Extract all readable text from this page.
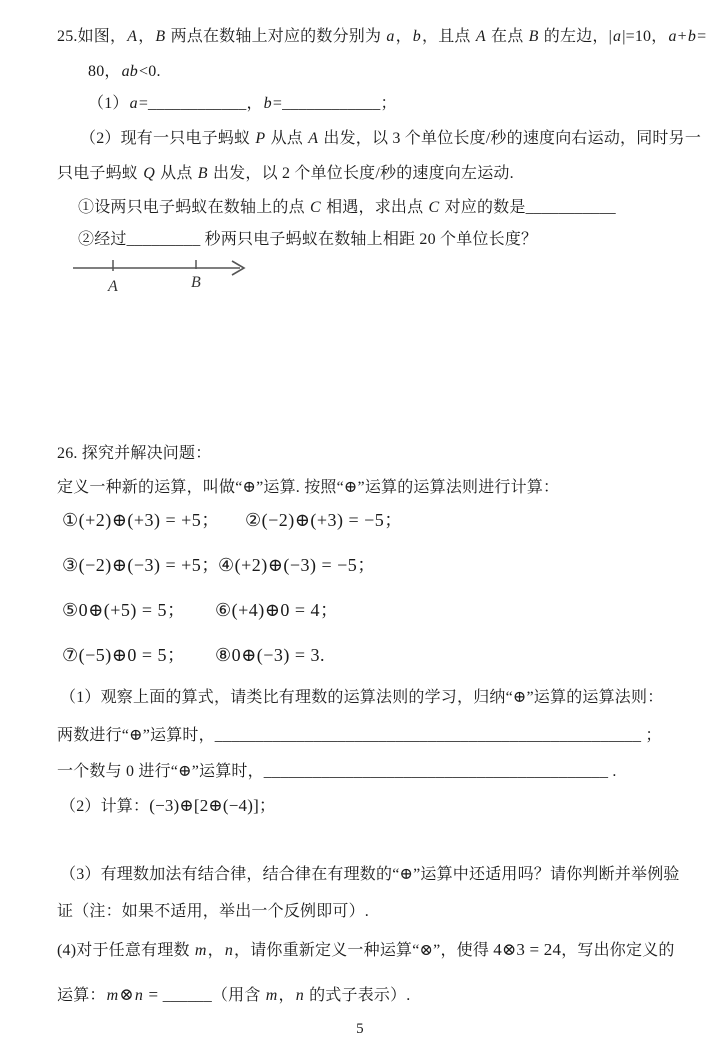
25.如图，A，B 两点在数轴上对应的数分别为 a，b，且点 A 在点 B 的左边，|a|=10，a+b=
80，ab<0.
（1）a=____________，b=____________；
（2）现有一只电子蚂蚁 P 从点 A 出发，以 3 个单位长度/秒的速度向右运动，同时另一
只电子蚂蚁 Q 从点 B 出发，以 2 个单位长度/秒的速度向左运动.
①设两只电子蚂蚁在数轴上的点 C 相遇，求出点 C 对应的数是___________
②经过_________ 秒两只电子蚂蚁在数轴上相距 20 个单位长度？
A	B
26. 探究并解决问题：
定义一种新的运算，叫做“⊕”运算. 按照“⊕”运算的运算法则进行计算：
①(+2)⊕(+3) = +5； ②(−2)⊕(+3) = −5；
③(−2)⊕(−3) = +5；
④(+2)⊕(−3) = −5；
⑤0⊕(+5) = 5； ⑥(+4)⊕0 = 4；
⑦(−5)⊕0 = 5； ⑧0⊕(−3) = 3.
（1）观察上面的算式，请类比有理数的运算法则的学习，归纳“⊕”运算的运算法则：
两数进行“⊕”运算时，____________________________________________________ ；
一个数与 0 进行“⊕”运算时，__________________________________________ .
（2）计算：(−3)⊕[2⊕(−4)]；
（3）有理数加法有结合律，结合律在有理数的“⊕”运算中还适用吗？请你判断并举例验
证（注：如果不适用，举出一个反例即可）.
(4)对于任意有理数 m，n，请你重新定义一种运算“⊗”，使得 4⊗3 = 24，写出你定义的
运算：m⊗n = ______（用含 m，n 的式子表示）.
5
